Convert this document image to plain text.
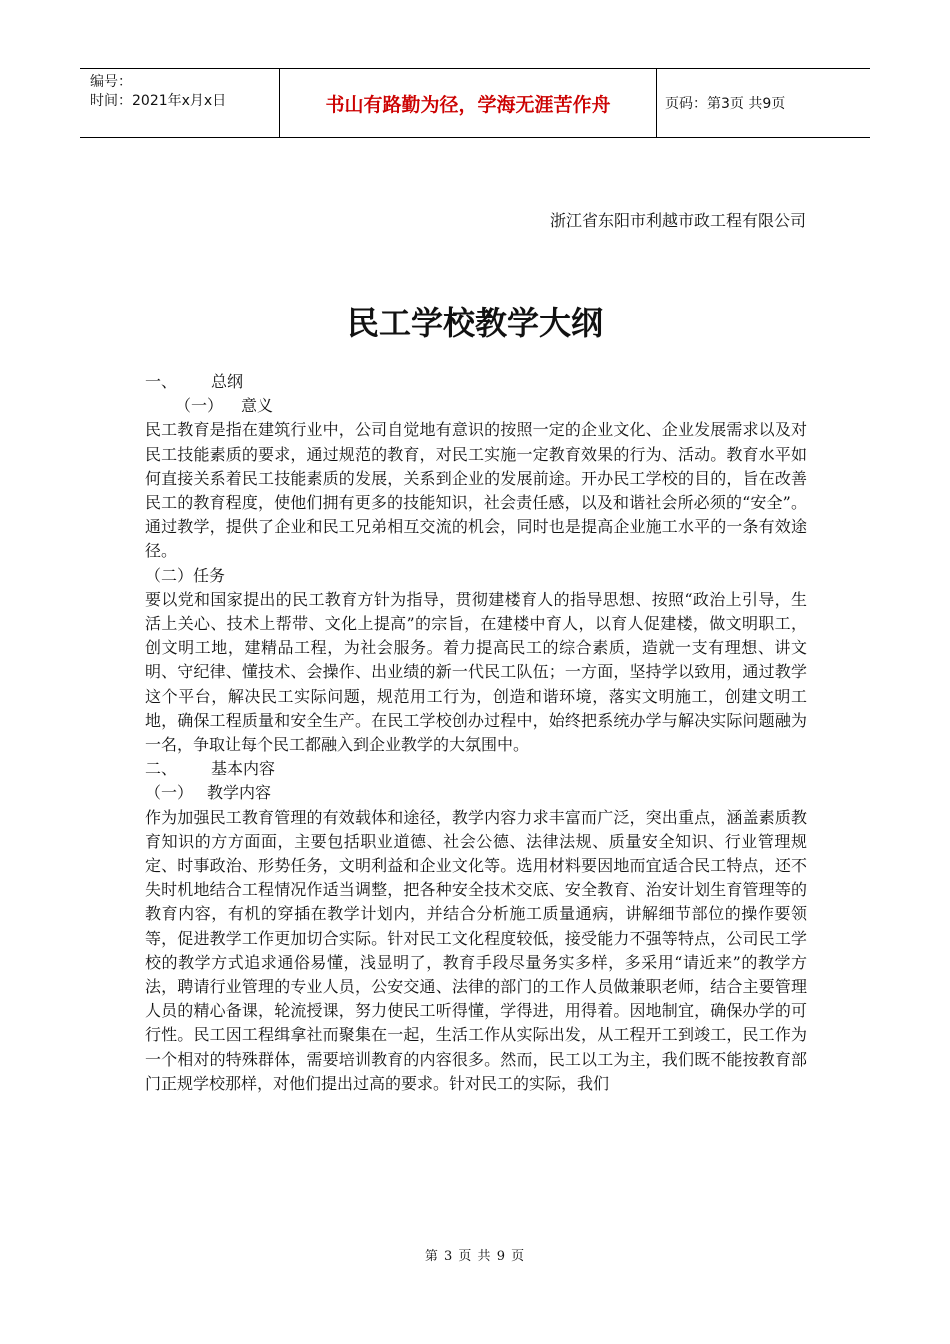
编号：
时间：2021年x月x日	书山有路勤为径，学海无涯苦作舟	页码：第3页 共9页
浙江省东阳市利越市政工程有限公司
民工学校教学大纲

一、 总纲

（一） 意义

民工教育是指在建筑行业中，公司自觉地有意识的按照一定的企业文化、企业发展需求以及对民工技能素质的要求，通过规范的教育，对民工实施一定教育效果的行为、活动。教育水平如何直接关系着民工技能素质的发展，关系到企业的发展前途。开办民工学校的目的，旨在改善民工的教育程度，使他们拥有更多的技能知识，社会责任感，以及和谐社会所必须的“安全”。通过教学，提供了企业和民工兄弟相互交流的机会，同时也是提高企业施工水平的一条有效途径。

（二）任务

要以党和国家提出的民工教育方针为指导，贯彻建楼育人的指导思想、按照“政治上引导，生活上关心、技术上帮带、文化上提高”的宗旨，在建楼中育人，以育人促建楼，做文明职工，创文明工地，建精品工程，为社会服务。着力提高民工的综合素质，造就一支有理想、讲文明、守纪律、懂技术、会操作、出业绩的新一代民工队伍；一方面，坚持学以致用，通过教学这个平台，解决民工实际问题，规范用工行为，创造和谐环境，落实文明施工，创建文明工地，确保工程质量和安全生产。在民工学校创办过程中，始终把系统办学与解决实际问题融为一名，争取让每个民工都融入到企业教学的大氛围中。

二、 基本内容

（一） 教学内容

作为加强民工教育管理的有效载体和途径，教学内容力求丰富而广泛，突出重点，涵盖素质教育知识的方方面面，主要包括职业道德、社会公德、法律法规、质量安全知识、行业管理规定、时事政治、形势任务，文明利益和企业文化等。选用材料要因地而宜适合民工特点，还不失时机地结合工程情况作适当调整，把各种安全技术交底、安全教育、治安计划生育管理等的教育内容，有机的穿插在教学计划内，并结合分析施工质量通病，讲解细节部位的操作要领等，促进教学工作更加切合实际。针对民工文化程度较低，接受能力不强等特点，公司民工学校的教学方式追求通俗易懂，浅显明了，教育手段尽量务实多样，多采用“请近来”的教学方法，聘请行业管理的专业人员，公安交通、法律的部门的工作人员做兼职老师，结合主要管理人员的精心备课，轮流授课，努力使民工听得懂，学得进，用得着。因地制宜，确保办学的可行性。民工因工程缉拿社而聚集在一起，生活工作从实际出发，从工程开工到竣工，民工作为一个相对的特殊群体，需要培训教育的内容很多。然而，民工以工为主，我们既不能按教育部门正规学校那样，对他们提出过高的要求。针对民工的实际，我们

第 3 页 共 9 页
